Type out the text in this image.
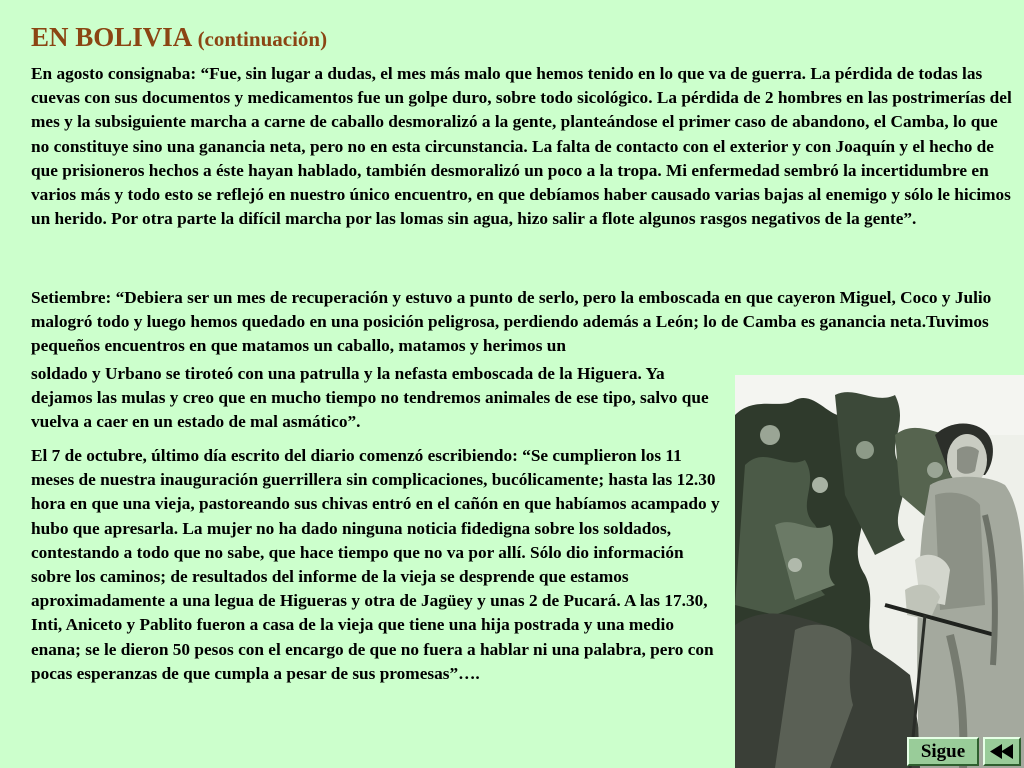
EN BOLIVIA (continuación)

En agosto consignaba: “Fue, sin lugar a dudas, el mes más malo que hemos tenido en lo que va de guerra. La pérdida de todas las cuevas con sus documentos y medicamentos fue un golpe duro, sobre todo sicológico. La pérdida de 2 hombres en las postrimerías del mes y la subsiguiente marcha a carne de caballo desmoralizó a la gente, planteándose el primer caso de abandono, el Camba, lo que no constituye sino una ganancia neta, pero no en esta circunstancia. La falta de contacto con el exterior y con Joaquín y el hecho de que prisioneros hechos a éste hayan hablado, también desmoralizó un poco a la tropa. Mi enfermedad sembró la incertidumbre en varios más y todo esto se reflejó en nuestro único encuentro, en que debíamos haber causado varias bajas al enemigo y sólo le hicimos un herido. Por otra parte la difícil marcha por las lomas sin agua, hizo salir a flote algunos rasgos negativos de la gente”.

Setiembre: “Debiera ser un mes de recuperación y estuvo a punto de serlo, pero la emboscada en que cayeron Miguel, Coco y Julio malogró todo y luego hemos quedado en una posición peligrosa, perdiendo además a León; lo de Camba es ganancia neta.Tuvimos pequeños encuentros en que matamos un caballo, matamos y herimos un

soldado y Urbano se tiroteó con una patrulla y la nefasta emboscada de la Higuera. Ya dejamos las mulas y creo que en mucho tiempo no tendremos animales de ese tipo, salvo que vuelva a caer en un estado de mal asmático”.

El 7 de octubre, último día escrito del diario comenzó escribiendo: “Se cumplieron los 11 meses de nuestra inauguración guerrillera sin complicaciones, bucólicamente; hasta las 12.30 hora en que una vieja, pastoreando sus chivas entró en el cañón en que habíamos acampado y hubo que apresarla. La mujer no ha dado ninguna noticia fidedigna sobre los soldados, contestando a todo que no sabe, que hace tiempo que no va por allí. Sólo dio información sobre los caminos; de resultados del informe de la vieja se desprende que estamos aproximadamente a una legua de Higueras y otra de Jagüey y unas 2 de Pucará. A las 17.30, Inti, Aniceto y Pablito fueron a casa de la vieja que tiene una hija postrada y una medio enana; se le dieron 50 pesos con el encargo de que no fuera a hablar ni una palabra, pero con pocas esperanzas de que cumpla a pesar de sus promesas”….

Sigue
